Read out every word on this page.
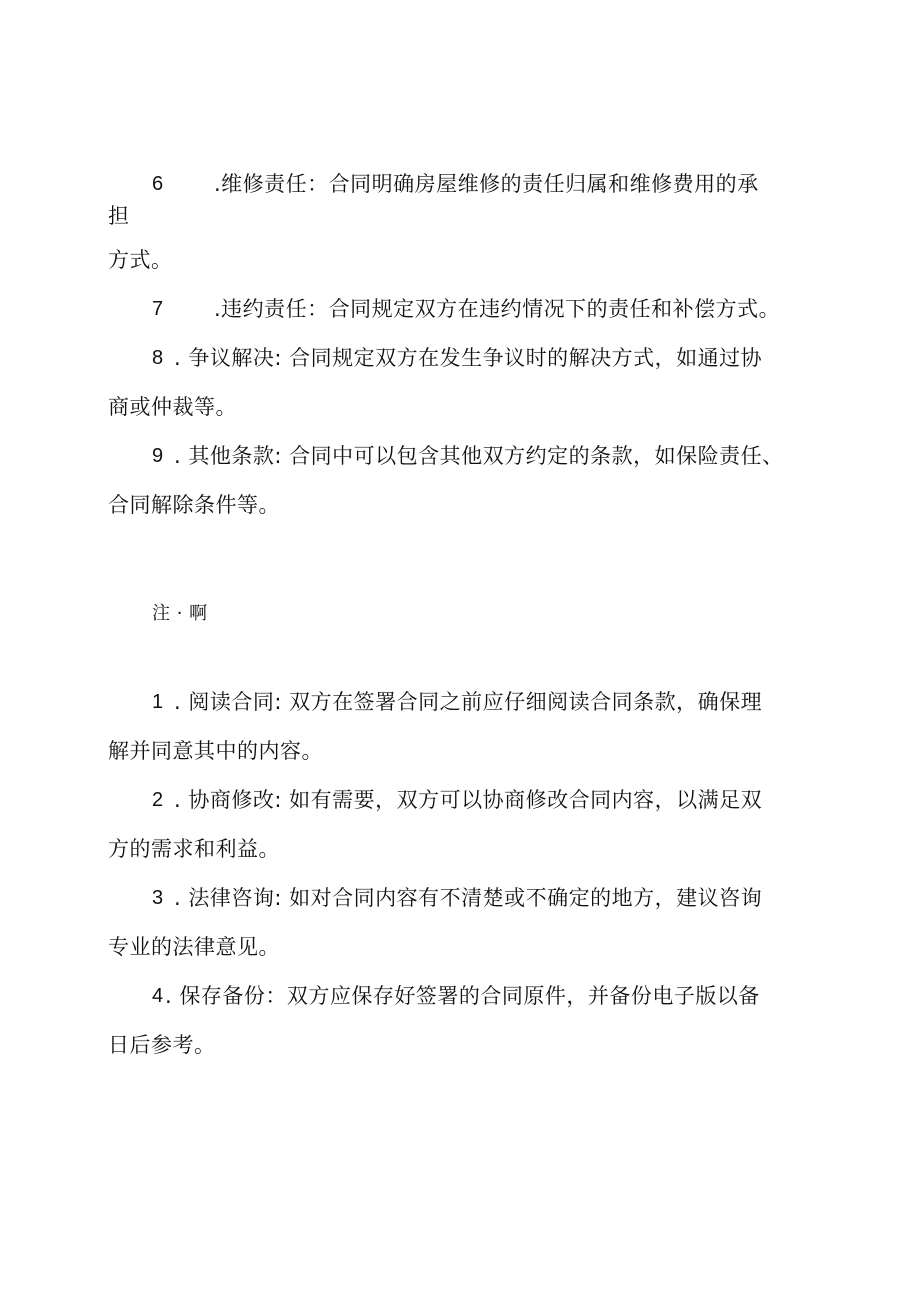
6 .维修责任：合同明确房屋维修的责任归属和维修费用的承
担
方式。
7 .违约责任：合同规定双方在违约情况下的责任和补偿方式。
8 . 争议解决: 合同规定双方在发生争议时的解决方式，如通过协
商或仲裁等。
9 . 其他条款: 合同中可以包含其他双方约定的条款，如保险责任、
合同解除条件等。
注 · 啊
1 . 阅读合同: 双方在签署合同之前应仔细阅读合同条款，确保理
解并同意其中的内容。
2 . 协商修改: 如有需要，双方可以协商修改合同内容，以满足双
方的需求和利益。
3 . 法律咨询: 如对合同内容有不清楚或不确定的地方，建议咨询
专业的法律意见。
4 . 保存备份：双方应保存好签署的合同原件，并备份电子版以备
日后参考。
